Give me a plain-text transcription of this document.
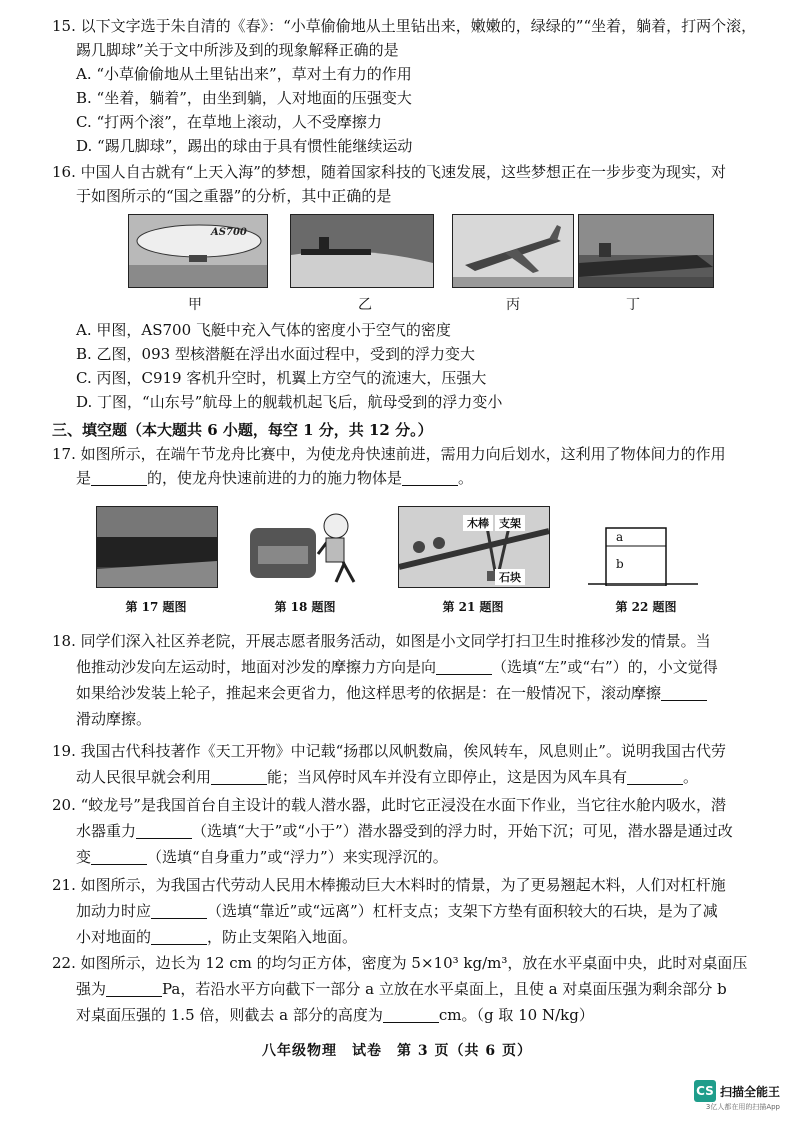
15. 以下文字选于朱自清的《春》：“小草偷偷地从土里钻出来，嫩嫩的，绿绿的”“坐着，躺着，打两个滚，
踢几脚球”关于文中所涉及到的现象解释正确的是
A. “小草偷偷地从土里钻出来”，草对土有力的作用
B. “坐着，躺着”，由坐到躺，人对地面的压强变大
C. “打两个滚”，在草地上滚动，人不受摩擦力
D. “踢几脚球”，踢出的球由于具有惯性能继续运动
16. 中国人自古就有“上天入海”的梦想，随着国家科技的飞速发展，这些梦想正在一步步变为现实，对
于如图所示的“国之重器”的分析，其中正确的是
AS700
甲	乙	丙	丁
A. 甲图，AS700 飞艇中充入气体的密度小于空气的密度
B. 乙图，093 型核潜艇在浮出水面过程中，受到的浮力变大
C. 丙图，C919 客机升空时，机翼上方空气的流速大，压强大
D. 丁图，“山东号”航母上的舰载机起飞后，航母受到的浮力变小
三、填空题（本大题共 6 小题，每空 1 分，共 12 分。）
17. 如图所示，在端午节龙舟比赛中，为使龙舟快速前进，需用力向后划水，这利用了物体间力的作用
是	的，使龙舟快速前进的力的施力物体是	。
木棒 支架
石块
a
b
第 17 题图	第 18 题图	第 21 题图	第 22 题图
18. 同学们深入社区养老院，开展志愿者服务活动，如图是小文同学打扫卫生时推移沙发的情景。当
他推动沙发向左运动时，地面对沙发的摩擦力方向是向	（选填“左”或“右”）的，小文觉得
如果给沙发装上轮子，推起来会更省力，他这样思考的依据是：在一般情况下，滚动摩擦
滑动摩擦。
19. 我国古代科技著作《天工开物》中记载“扬郡以风帆数扁，俟风转车，风息则止”。说明我国古代劳
动人民很早就会利用	能；当风停时风车并没有立即停止，这是因为风车具有	。
20. “蛟龙号”是我国首台自主设计的载人潜水器，此时它正浸没在水面下作业，当它往水舱内吸水，潜
水器重力	（选填“大于”或“小于”）潜水器受到的浮力时，开始下沉；可见，潜水器是通过改
变	（选填“自身重力”或“浮力”）来实现浮沉的。
21. 如图所示，为我国古代劳动人民用木棒搬动巨大木料时的情景，为了更易翘起木料，人们对杠杆施
加动力时应	（选填“靠近”或“远离”）杠杆支点；支架下方垫有面积较大的石块，是为了减
小对地面的	，防止支架陷入地面。
22. 如图所示，边长为 12 cm 的均匀正方体，密度为 5×10³ kg/m³，放在水平桌面中央，此时对桌面压
强为	Pa，若沿水平方向截下一部分 a 立放在水平桌面上，且使 a 对桌面压强为剩余部分 b
对桌面压强的 1.5 倍，则截去 a 部分的高度为	cm。（g 取 10 N/kg）
八年级物理　试卷　第 3 页（共 6 页）
CS 扫描全能王
3亿人都在用的扫描App
